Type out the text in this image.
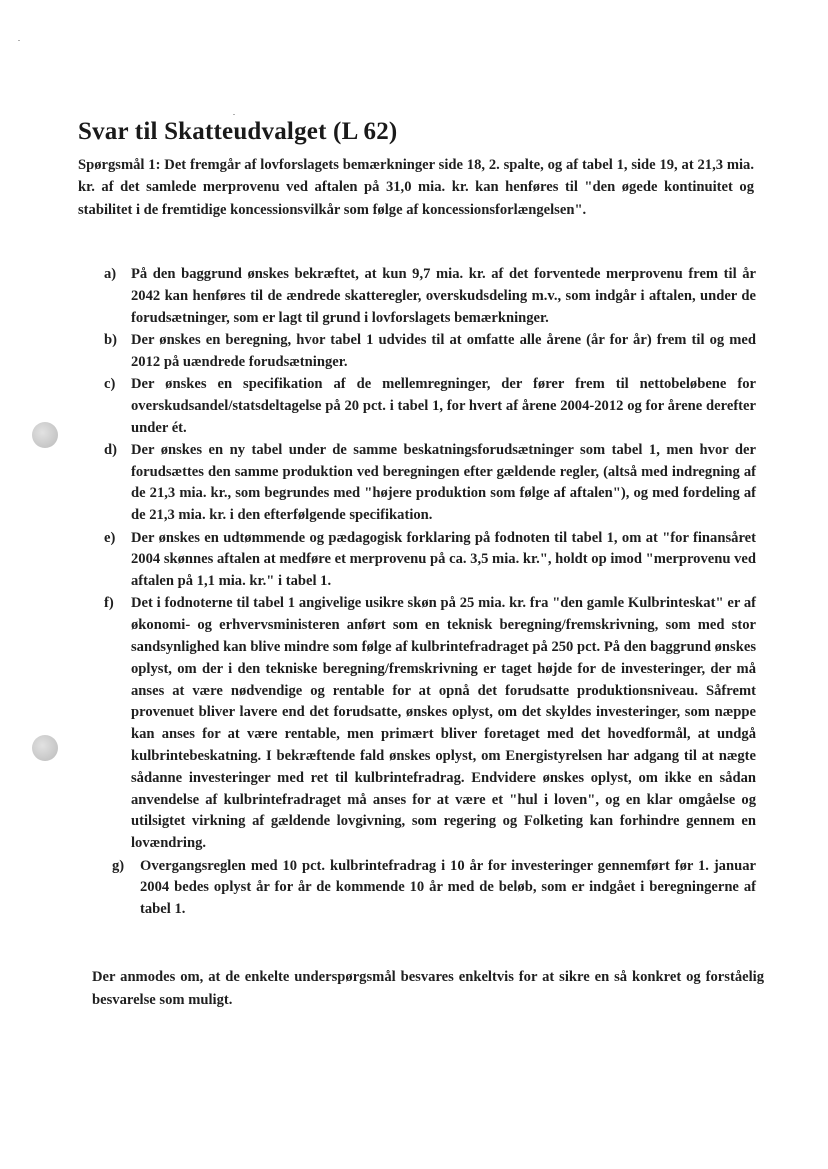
Svar til Skatteudvalget (L 62)

Spørgsmål 1: Det fremgår af lovforslagets bemærkninger side 18, 2. spalte, og af tabel 1, side 19, at 21,3 mia. kr. af det samlede merprovenu ved aftalen på 31,0 mia. kr. kan henføres til "den øgede kontinuitet og stabilitet i de fremtidige koncessionsvilkår som følge af koncessionsforlængelsen".

a) På den baggrund ønskes bekræftet, at kun 9,7 mia. kr. af det forventede merprovenu frem til år 2042 kan henføres til de ændrede skatteregler, overskudsdeling m.v., som indgår i aftalen, under de forudsætninger, som er lagt til grund i lovforslagets bemærkninger.
b) Der ønskes en beregning, hvor tabel 1 udvides til at omfatte alle årene (år for år) frem til og med 2012 på uændrede forudsætninger.
c) Der ønskes en specifikation af de mellemregninger, der fører frem til nettobeløbene for overskudsandel/statsdeltagelse på 20 pct. i tabel 1, for hvert af årene 2004-2012 og for årene derefter under ét.
d) Der ønskes en ny tabel under de samme beskatningsforudsætninger som tabel 1, men hvor der forudsættes den samme produktion ved beregningen efter gældende regler, (altså med indregning af de 21,3 mia. kr., som begrundes med "højere produktion som følge af aftalen"), og med fordeling af de 21,3 mia. kr. i den efterfølgende specifikation.
e) Der ønskes en udtømmende og pædagogisk forklaring på fodnoten til tabel 1, om at "for finansåret 2004 skønnes aftalen at medføre et merprovenu på ca. 3,5 mia. kr.", holdt op imod "merprovenu ved aftalen på 1,1 mia. kr." i tabel 1.
f) Det i fodnoterne til tabel 1 angivelige usikre skøn på 25 mia. kr. fra "den gamle Kulbrinteskat" er af økonomi- og erhvervsministeren anført som en teknisk beregning/fremskrivning, som med stor sandsynlighed kan blive mindre som følge af kulbrintefradraget på 250 pct. På den baggrund ønskes oplyst, om der i den tekniske beregning/fremskrivning er taget højde for de investeringer, der må anses at være nødvendige og rentable for at opnå det forudsatte produktionsniveau. Såfremt provenuet bliver lavere end det forudsatte, ønskes oplyst, om det skyldes investeringer, som næppe kan anses for at være rentable, men primært bliver foretaget med det hovedformål, at undgå kulbrintebeskatning. I bekræftende fald ønskes oplyst, om Energistyrelsen har adgang til at nægte sådanne investeringer med ret til kulbrintefradrag. Endvidere ønskes oplyst, om ikke en sådan anvendelse af kulbrintefradraget må anses for at være et "hul i loven", og en klar omgåelse og utilsigtet virkning af gældende lovgivning, som regering og Folketing kan forhindre gennem en lovændring.
g) Overgangsreglen med 10 pct. kulbrintefradrag i 10 år for investeringer gennemført før 1. januar 2004 bedes oplyst år for år de kommende 10 år med de beløb, som er indgået i beregningerne af tabel 1.

Der anmodes om, at de enkelte underspørgsmål besvares enkeltvis for at sikre en så konkret og forståelig besvarelse som muligt.
